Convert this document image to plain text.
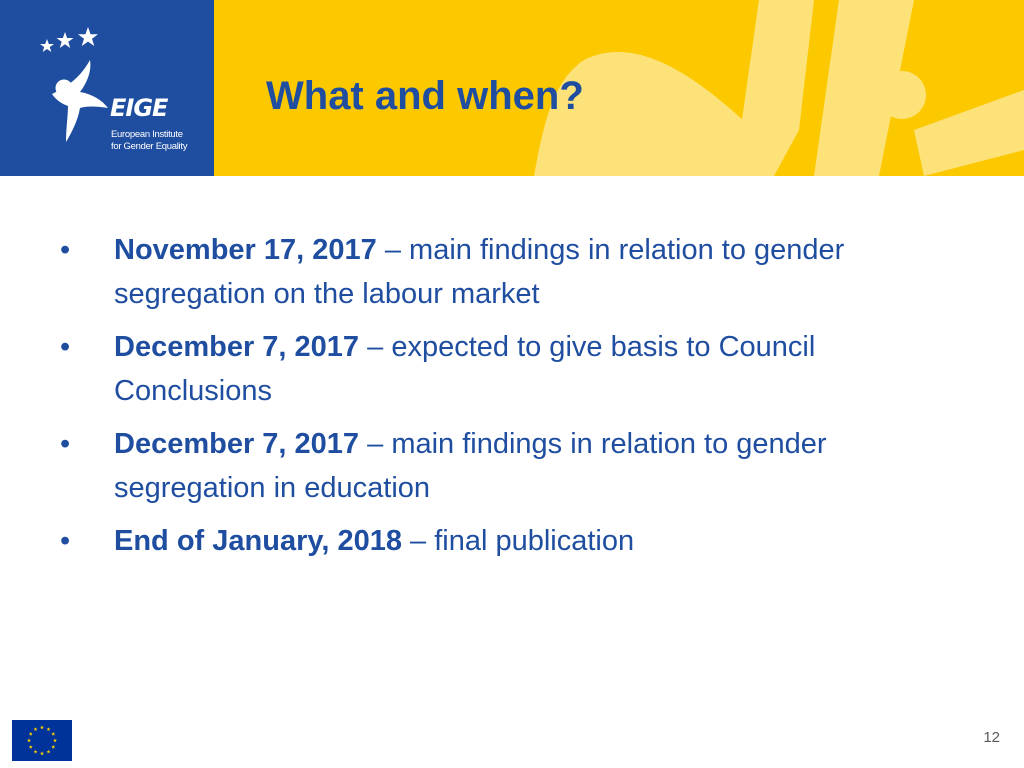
EIGE
European Institute
for Gender Equality
What and when?
•	November 17, 2017 – main findings in relation to gender segregation on the labour market
•	December 7, 2017 – expected to give basis to Council Conclusions
•	December 7, 2017 – main findings in relation to gender segregation in education
•	End of January, 2018 – final publication
12
